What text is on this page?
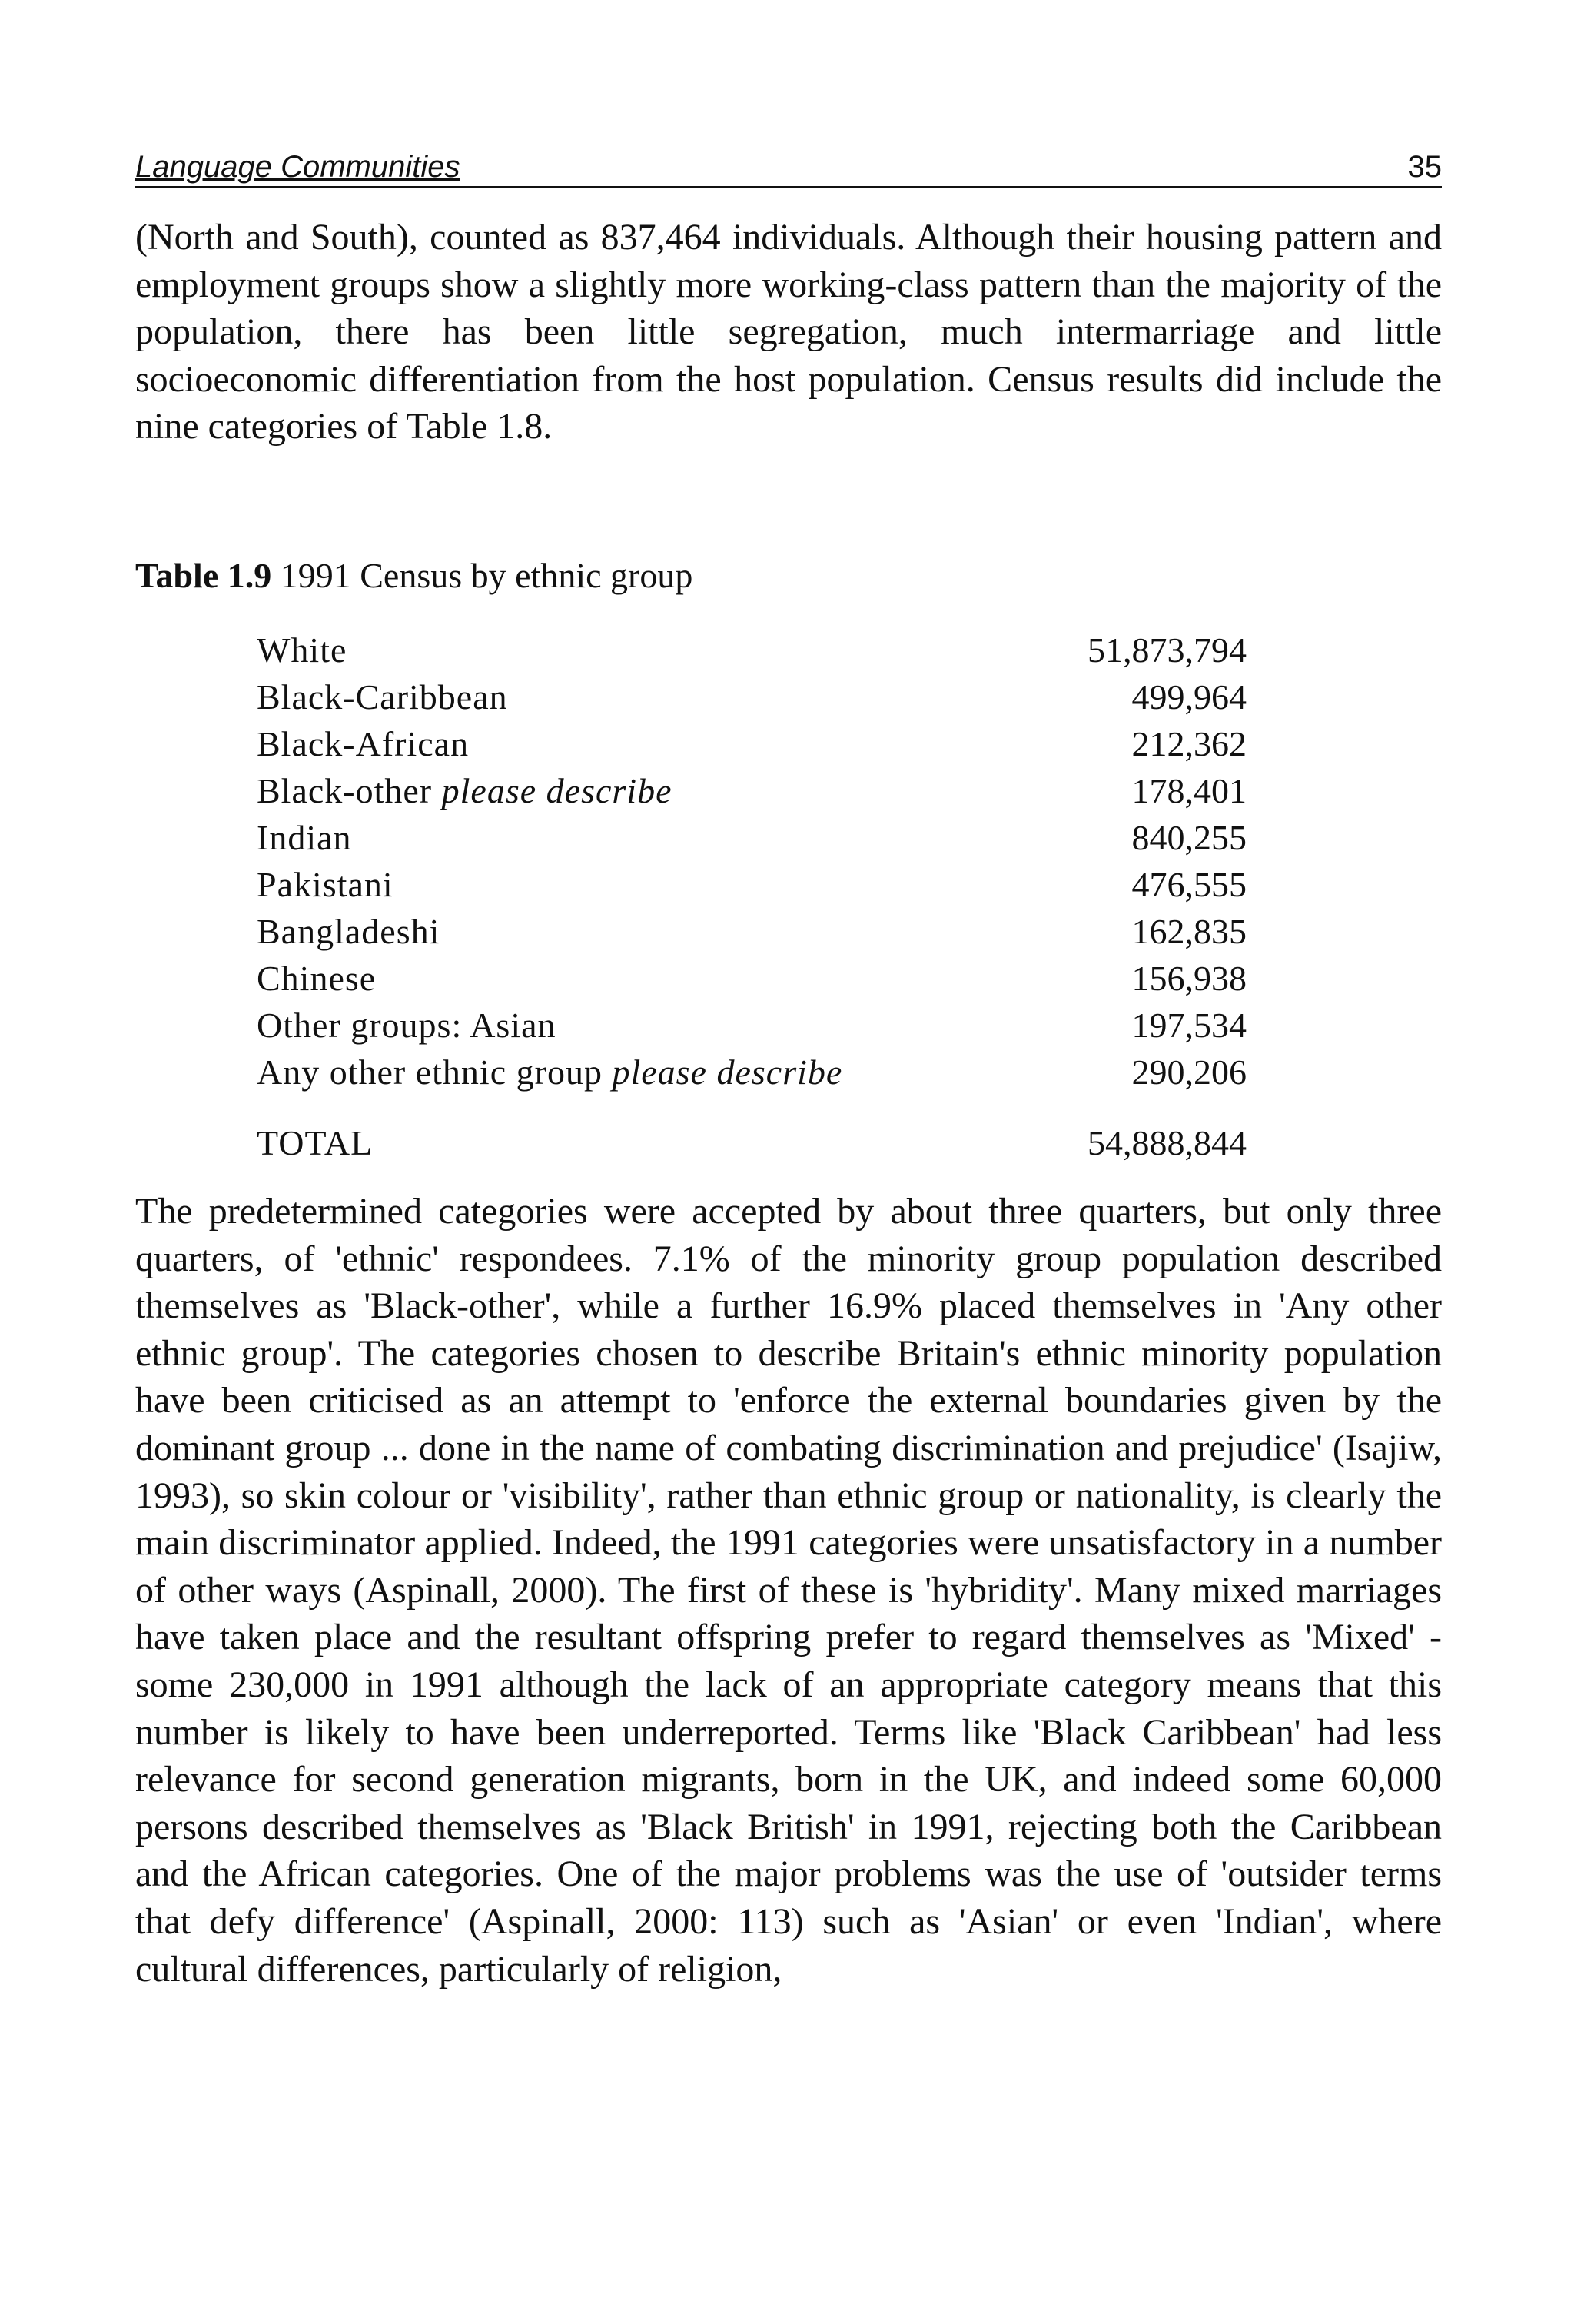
Language Communities	35

(North and South), counted as 837,464 individuals. Although their housing pattern and employment groups show a slightly more working-class pattern than the majority of the population, there has been little segregation, much intermarriage and little socioeconomic differentiation from the host population. Census results did include the nine categories of Table 1.8.

Table 1.9 1991 Census by ethnic group
White	51,873,794
Black-Caribbean	499,964
Black-African	212,362
Black-other please describe	178,401
Indian	840,255
Pakistani	476,555
Bangladeshi	162,835
Chinese	156,938
Other groups: Asian	197,534
Any other ethnic group please describe	290,206
TOTAL	54,888,844

The predetermined categories were accepted by about three quarters, but only three quarters, of 'ethnic' respondees. 7.1% of the minority group population described themselves as 'Black-other', while a further 16.9% placed themselves in 'Any other ethnic group'. The categories chosen to describe Britain's ethnic minority population have been criticised as an attempt to 'enforce the external boundaries given by the dominant group ... done in the name of combating discrimination and prejudice' (Isajiw, 1993), so skin colour or 'visibility', rather than ethnic group or nationality, is clearly the main discriminator applied. Indeed, the 1991 categories were unsatisfactory in a number of other ways (Aspinall, 2000). The first of these is 'hybridity'. Many mixed marriages have taken place and the resultant offspring prefer to regard themselves as 'Mixed' - some 230,000 in 1991 although the lack of an appropriate category means that this number is likely to have been underreported. Terms like 'Black Caribbean' had less relevance for second generation migrants, born in the UK, and indeed some 60,000 persons described themselves as 'Black British' in 1991, rejecting both the Caribbean and the African categories. One of the major problems was the use of 'outsider terms that defy difference' (Aspinall, 2000: 113) such as 'Asian' or even 'Indian', where cultural differences, particularly of religion,
